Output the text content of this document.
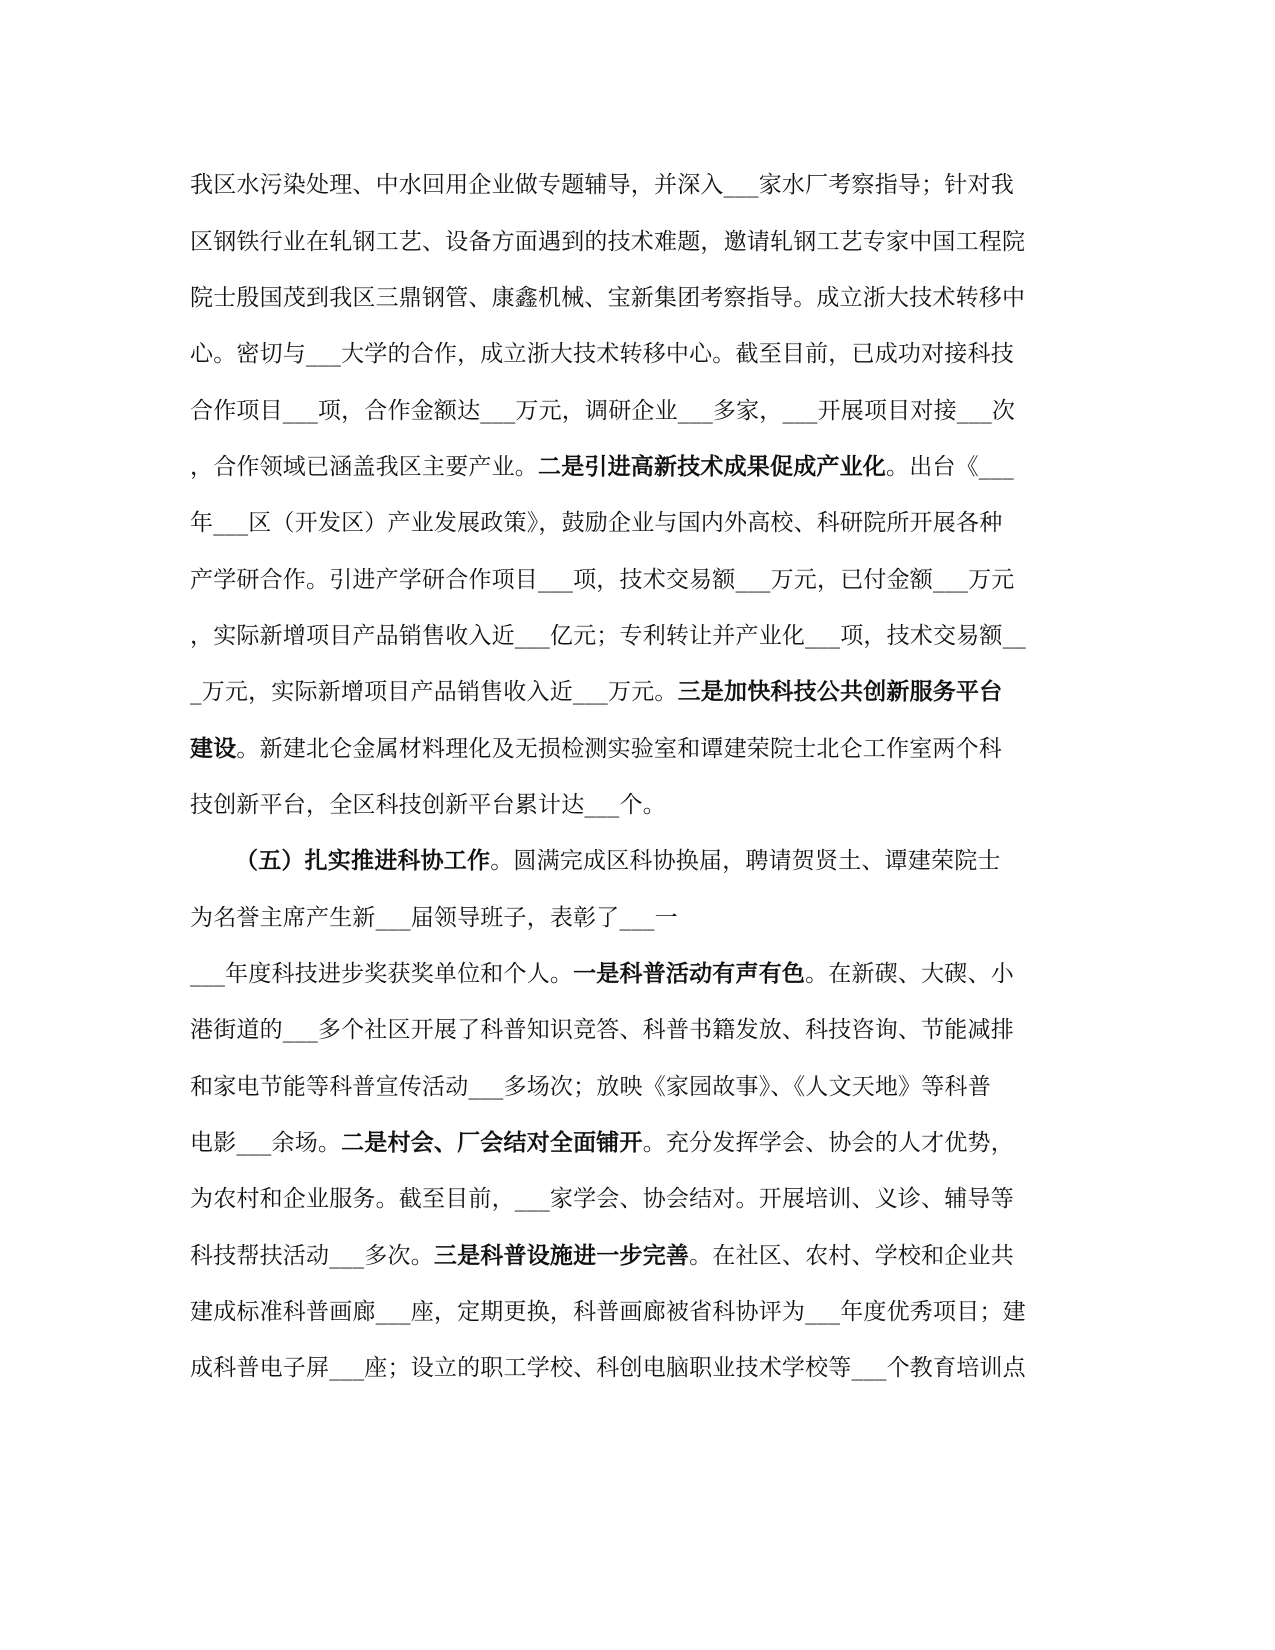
我区水污染处理、中水回用企业做专题辅导，并深入___家水厂考察指导；针对我
区钢铁行业在轧钢工艺、设备方面遇到的技术难题，邀请轧钢工艺专家中国工程院
院士殷国茂到我区三鼎钢管、康鑫机械、宝新集团考察指导。成立浙大技术转移中
心。密切与___大学的合作，成立浙大技术转移中心。截至目前，已成功对接科技
合作项目___项，合作金额达___万元，调研企业___多家，___开展项目对接___次
，合作领域已涵盖我区主要产业。二是引进高新技术成果促成产业化。出台《___
年___区（开发区）产业发展政策》，鼓励企业与国内外高校、科研院所开展各种
产学研合作。引进产学研合作项目___项，技术交易额___万元，已付金额___万元
，实际新增项目产品销售收入近___亿元；专利转让并产业化___项，技术交易额__
_万元，实际新增项目产品销售收入近___万元。三是加快科技公共创新服务平台
建设。新建北仑金属材料理化及无损检测实验室和谭建荣院士北仑工作室两个科
技创新平台，全区科技创新平台累计达___个。
（五）扎实推进科协工作。圆满完成区科协换届，聘请贺贤土、谭建荣院士
为名誉主席产生新___届领导班子，表彰了___一
___年度科技进步奖获奖单位和个人。一是科普活动有声有色。在新碶、大碶、小
港街道的___多个社区开展了科普知识竞答、科普书籍发放、科技咨询、节能减排
和家电节能等科普宣传活动___多场次；放映《家园故事》、《人文天地》等科普
电影___余场。二是村会、厂会结对全面铺开。充分发挥学会、协会的人才优势，
为农村和企业服务。截至目前，___家学会、协会结对。开展培训、义诊、辅导等
科技帮扶活动___多次。三是科普设施进一步完善。在社区、农村、学校和企业共
建成标准科普画廊___座，定期更换，科普画廊被省科协评为___年度优秀项目；建
成科普电子屏___座；设立的职工学校、科创电脑职业技术学校等___个教育培训点
